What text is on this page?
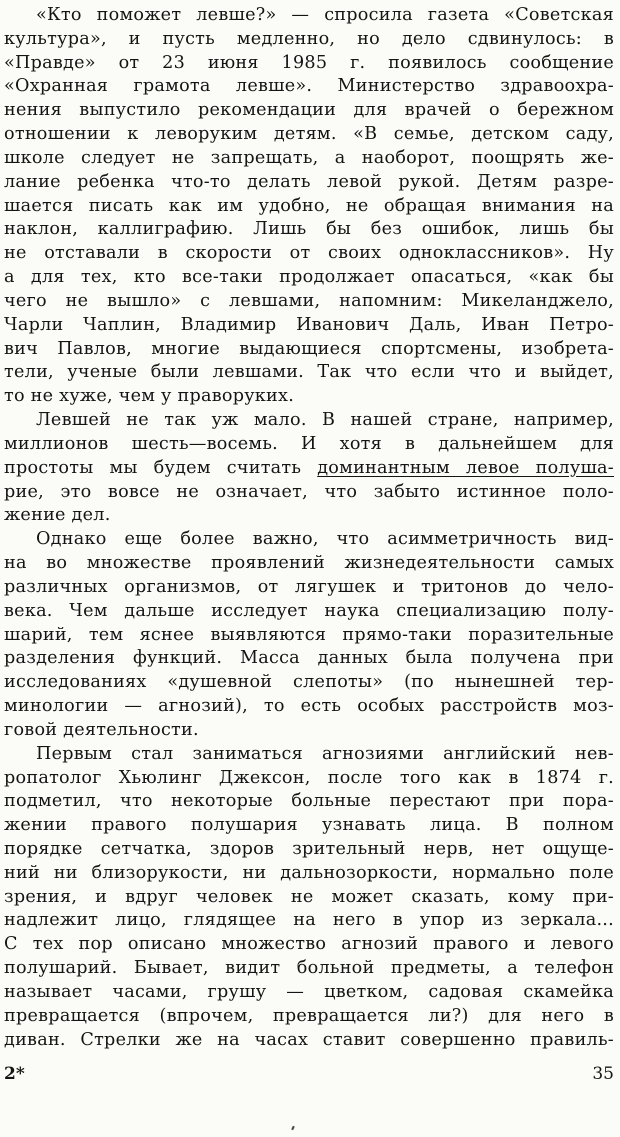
«Кто поможет левше?» — спросила газета «Советская
культура», и пусть медленно, но дело сдвинулось: в
«Правде» от 23 июня 1985 г. появилось сообщение
«Охранная грамота левше». Министерство здравоохра-
нения выпустило рекомендации для врачей о бережном
отношении к леворуким детям. «В семье, детском саду,
школе следует не запрещать, а наоборот, поощрять же-
лание ребенка что-то делать левой рукой. Детям разре-
шается писать как им удобно, не обращая внимания на
наклон, каллиграфию. Лишь бы без ошибок, лишь бы
не отставали в скорости от своих одноклассников». Ну
а для тех, кто все-таки продолжает опасаться, «как бы
чего не вышло» с левшами, напомним: Микеланджело,
Чарли Чаплин, Владимир Иванович Даль, Иван Петро-
вич Павлов, многие выдающиеся спортсмены, изобрета-
тели, ученые были левшами. Так что если что и выйдет,
то не хуже, чем у праворуких.
Левшей не так уж мало. В нашей стране, например,
миллионов шесть—восемь. И хотя в дальнейшем для
простоты мы будем считать доминантным левое полуша-
рие, это вовсе не означает, что забыто истинное поло-
жение дел.
Однако еще более важно, что асимметричность вид-
на во множестве проявлений жизнедеятельности самых
различных организмов, от лягушек и тритонов до чело-
века. Чем дальше исследует наука специализацию полу-
шарий, тем яснее выявляются прямо-таки поразительные
разделения функций. Масса данных была получена при
исследованиях «душевной слепоты» (по нынешней тер-
минологии — агнозий), то есть особых расстройств моз-
говой деятельности.
Первым стал заниматься агнозиями английский нев-
ропатолог Хьюлинг Джексон, после того как в 1874 г.
подметил, что некоторые больные перестают при пора-
жении правого полушария узнавать лица. В полном
порядке сетчатка, здоров зрительный нерв, нет ощуще-
ний ни близорукости, ни дальнозоркости, нормально поле
зрения, и вдруг человек не может сказать, кому при-
надлежит лицо, глядящее на него в упор из зеркала...
С тех пор описано множество агнозий правого и левого
полушарий. Бывает, видит больной предметы, а телефон
называет часами, грушу — цветком, садовая скамейка
превращается (впрочем, превращается ли?) для него в
диван. Стрелки же на часах ставит совершенно правиль-
2*	35
